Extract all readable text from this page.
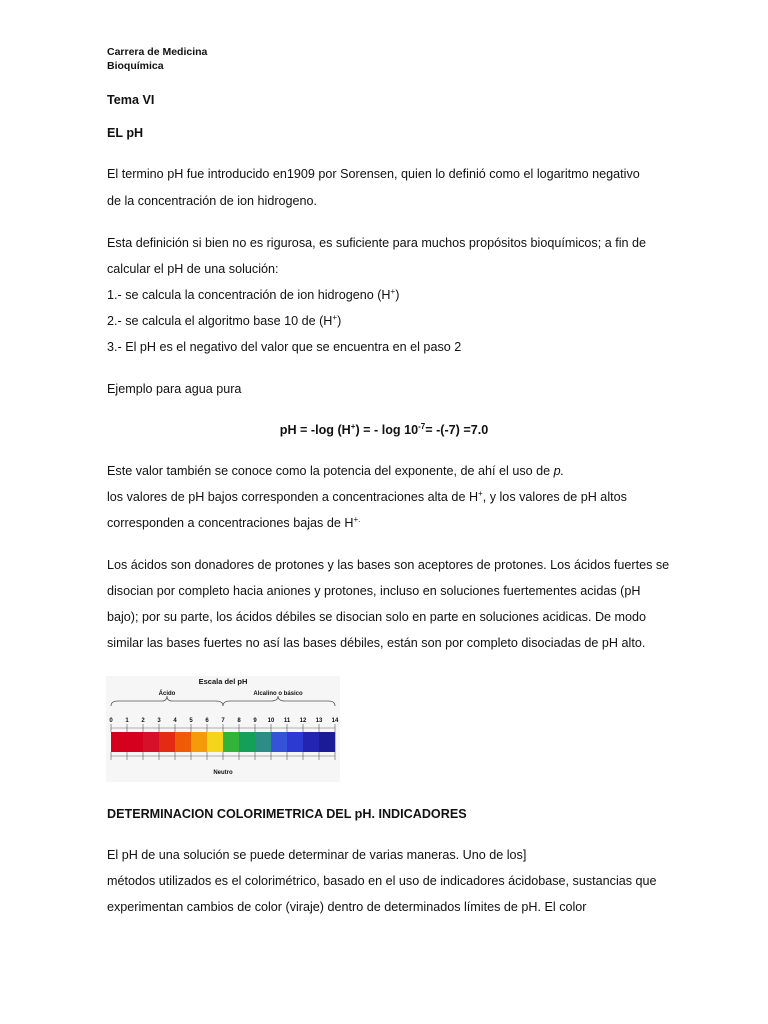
Carrera de Medicina
Bioquímica
Tema VI
EL pH
El termino pH fue introducido en1909 por Sorensen, quien lo definió como el logaritmo negativo
de la concentración de ion hidrogeno.
Esta definición si bien no es rigurosa, es suficiente para muchos propósitos bioquímicos; a fin de
calcular el pH de una solución:
1.- se calcula la concentración de ion hidrogeno (H+)
2.- se calcula el algoritmo base 10 de (H+)
3.- El pH es el negativo del valor que se encuentra en el paso 2
Ejemplo para agua pura
pH = -log (H+) = - $\log 10^{-7}= -(-7) =7.0$
Este valor también se conoce como la potencia del exponente, de ahí el uso de p.
los valores de pH bajos corresponden a concentraciones alta de H+, y los valores de pH altos
corresponden a concentraciones bajas de H+.
Los ácidos son donadores de protones y las bases son aceptores de protones. Los ácidos fuertes se
disocian por completo hacia aniones y protones, incluso en soluciones fuertementes acidas (pH
bajo); por su parte, los ácidos débiles se disocian solo en parte en soluciones acidicas. De modo
similar las bases fuertes no así las bases débiles, están son por completo disociadas de pH alto.
Escala del pH
Ácido	Alcalino o básico
0 1 2 3 4 5 6 7 8 9 10 11 12 13 14
Neutro
DETERMINACION COLORIMETRICA DEL pH. INDICADORES
El pH de una solución se puede determinar de varias maneras. Uno de los]
métodos utilizados es el colorimétrico, basado en el uso de indicadores ácidobase, sustancias que
experimentan cambios de color (viraje) dentro de determinados límites de pH. El color
